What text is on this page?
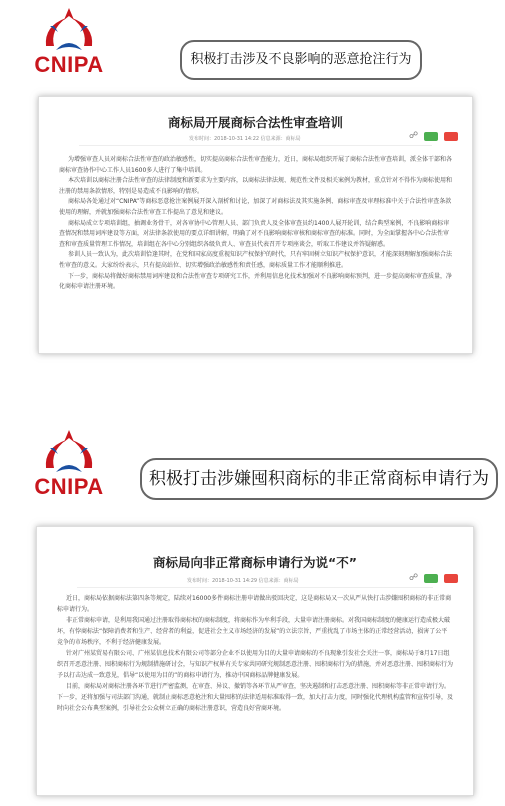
CNIPA	积极打击涉及不良影响的恶意抢注行为
商标局开展商标合法性审查培训
发布时间：2018-10-31 14:22 信息来源：商标局	☍

为增强审查人员对商标合法性审查的政治敏感性，切实提高商标合法性审查能力，近日，商标局组织开展了商标合法性审查培训，派全体干部和各商标审查协作中心工作人员1600多人进行了集中培训。

本次培训以商标注册合法性审查的法律制度和新要求为主要内容，以商标法律法规、规范性文件及相关案例为教材，重点针对不得作为商标使用和注册的禁用条款情形，特别是易造成不良影响的情形。

商标局各处通过对“CNIPA”等商标恶意抢注案例展开深入剖析和讨论，加深了对商标法及其实施条例、商标审查及审理标准中关于合法性审查条款使用的理解，并就加强商标合法性审查工作提出了意见和建议。

商标局成立专项培训组，抽调业务骨干，对各审协中心管理人员、部门负责人及全体审查员约1400人展开轮训，结合典型案例，不良影响商标审查情况和禁用词库建设等方面，对法律条款使用的要点详细讲解，明确了对不良影响商标审核和商标审查的标准。同时，为全面掌握各中心合法性审查和审查质量管理工作情况，培训组在各中心分别组织各级负责人、审查员代表召开专项座谈会，听取工作建议并答疑解惑。

参训人员一致认为，此次培训恰逢其时，在党和国家高度重视知识产权保护的时代，只有牢固树立知识产权保护意识，才能深刻理解加强商标合法性审查的意义。大家纷纷表示，只有提高站位、切实增强政治敏感性和责任感，商标质量工作才能顺利推进。

下一步，商标局将做好商标禁用词库建设和合法性审查专项研究工作，并利用信息化技术加强对不良影响商标预判，进一步提高商标审查质量，净化商标申请注册环境。

CNIPA	积极打击涉嫌囤积商标的非正常商标申请行为
商标局向非正常商标申请行为说“不”
发布时间：2018-10-31 14:29 信息来源：商标局	☍

近日，商标局依据商标法第四条等规定，陆续对16000多件商标注册申请做出驳回决定，这是商标局又一次从严从快打击涉嫌囤积商标的非正常商标申请行为。

非正常商标申请，是利用我国通过注册取得商标权的商标制度，将商标作为牟利手段，大量申请注册商标。对我国商标制度的健康运行造成极大破坏，有悖商标法“保障消费者和生产、经营者的利益，促进社会主义市场经济的发展”的立法宗旨，严重扰乱了市场主体的正常经营活动，损害了公平竞争的市场秩序，不利于经济健康发展。

针对广州某贸易有限公司、广州某信息技术有限公司等部分企业不以使用为目的大量申请商标的不良现象引发社会关注一事，商标局于8月17日组织召开恶意注册、囤积商标行为规制措施研讨会，与知识产权界有关专家共同研究规制恶意注册、囤积商标行为的措施，并对恶意注册、囤积商标行为予以打击达成一致意见，倡导“以使用为目的”的商标申请行为，推动中国商标品牌健康发展。

目前，商标局对商标注册各环节进行严密监测，在审查、异议、撤销等各环节从严审查，坚决遏制和打击恶意注册、囤积商标等非正常申请行为。下一步，还将加强与司法部门沟通，就制止商标恶意抢注和大量囤积的法律适用标准取得一致，加大打击力度，同时强化代理机构监管和宣传引导，及时向社会公布典型案例，引导社会公众树立正确的商标注册意识，营造良好营商环境。
